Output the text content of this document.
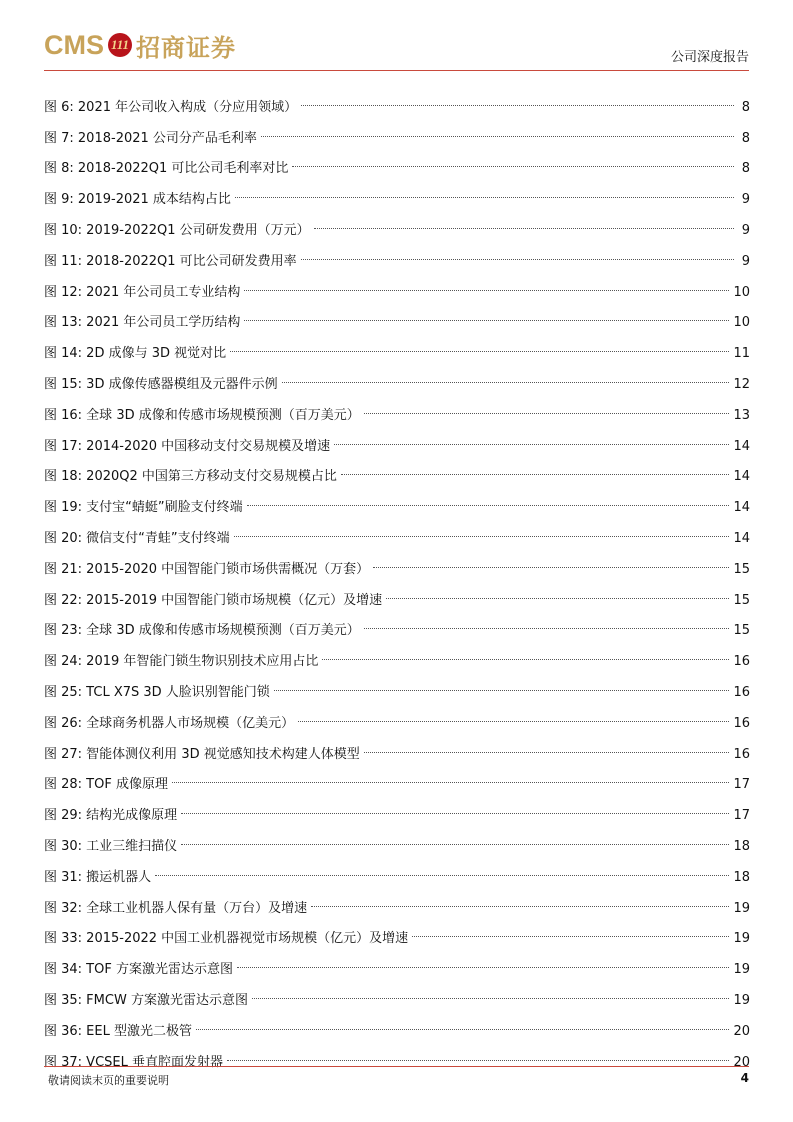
CMS 111 招商证券	公司深度报告
图 6: 2021 年公司收入构成（分应用领域）	8
图 7: 2018-2021 公司分产品毛利率	8
图 8: 2018-2022Q1 可比公司毛利率对比	8
图 9: 2019-2021 成本结构占比	9
图 10: 2019-2022Q1 公司研发费用（万元）	9
图 11: 2018-2022Q1 可比公司研发费用率	9
图 12: 2021 年公司员工专业结构	10
图 13: 2021 年公司员工学历结构	10
图 14: 2D 成像与 3D 视觉对比	11
图 15: 3D 成像传感器模组及元器件示例	12
图 16: 全球 3D 成像和传感市场规模预测（百万美元）	13
图 17: 2014-2020 中国移动支付交易规模及增速	14
图 18: 2020Q2 中国第三方移动支付交易规模占比	14
图 19: 支付宝“蜻蜓”刷脸支付终端	14
图 20: 微信支付“青蛙”支付终端	14
图 21: 2015-2020 中国智能门锁市场供需概况（万套）	15
图 22: 2015-2019 中国智能门锁市场规模（亿元）及增速	15
图 23: 全球 3D 成像和传感市场规模预测（百万美元）	15
图 24: 2019 年智能门锁生物识别技术应用占比	16
图 25: TCL X7S 3D 人脸识别智能门锁	16
图 26: 全球商务机器人市场规模（亿美元）	16
图 27: 智能体测仪利用 3D 视觉感知技术构建人体模型	16
图 28: TOF 成像原理	17
图 29: 结构光成像原理	17
图 30: 工业三维扫描仪	18
图 31: 搬运机器人	18
图 32: 全球工业机器人保有量（万台）及增速	19
图 33: 2015-2022 中国工业机器视觉市场规模（亿元）及增速	19
图 34: TOF 方案激光雷达示意图	19
图 35: FMCW 方案激光雷达示意图	19
图 36: EEL 型激光二极管	20
图 37: VCSEL 垂直腔面发射器	20
敬请阅读末页的重要说明	4
